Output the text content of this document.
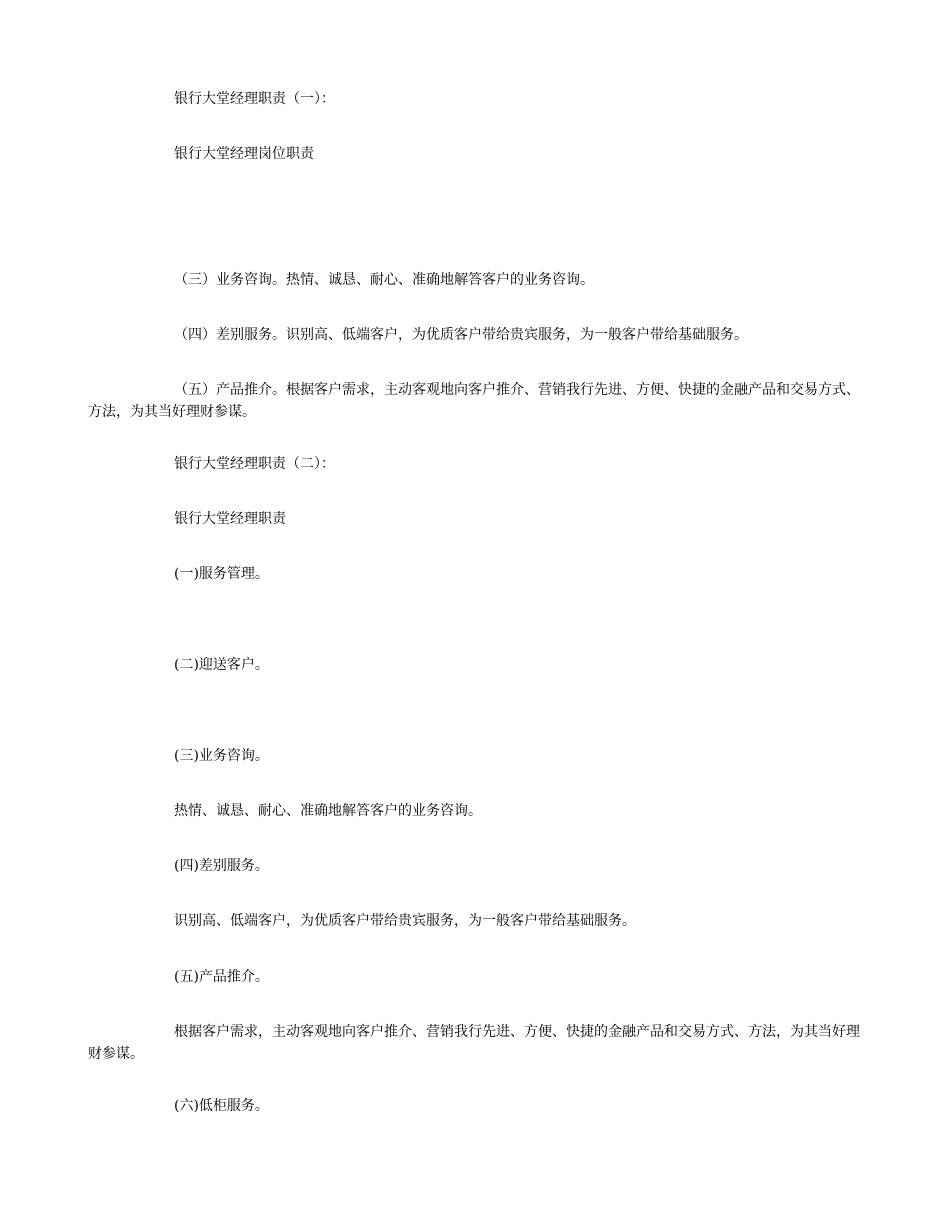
银行大堂经理职责（一）：

银行大堂经理岗位职责

（三）业务咨询。热情、诚恳、耐心、准确地解答客户的业务咨询。

（四）差别服务。识别高、低端客户，为优质客户带给贵宾服务，为一般客户带给基础服务。

（五）产品推介。根据客户需求，主动客观地向客户推介、营销我行先进、方便、快捷的金融产品和交易方式、方法，为其当好理财参谋。

银行大堂经理职责（二）：

银行大堂经理职责

(一)服务管理。

(二)迎送客户。

(三)业务咨询。

热情、诚恳、耐心、准确地解答客户的业务咨询。

(四)差别服务。

识别高、低端客户，为优质客户带给贵宾服务，为一般客户带给基础服务。

(五)产品推介。

根据客户需求，主动客观地向客户推介、营销我行先进、方便、快捷的金融产品和交易方式、方法，为其当好理财参谋。

(六)低柜服务。
